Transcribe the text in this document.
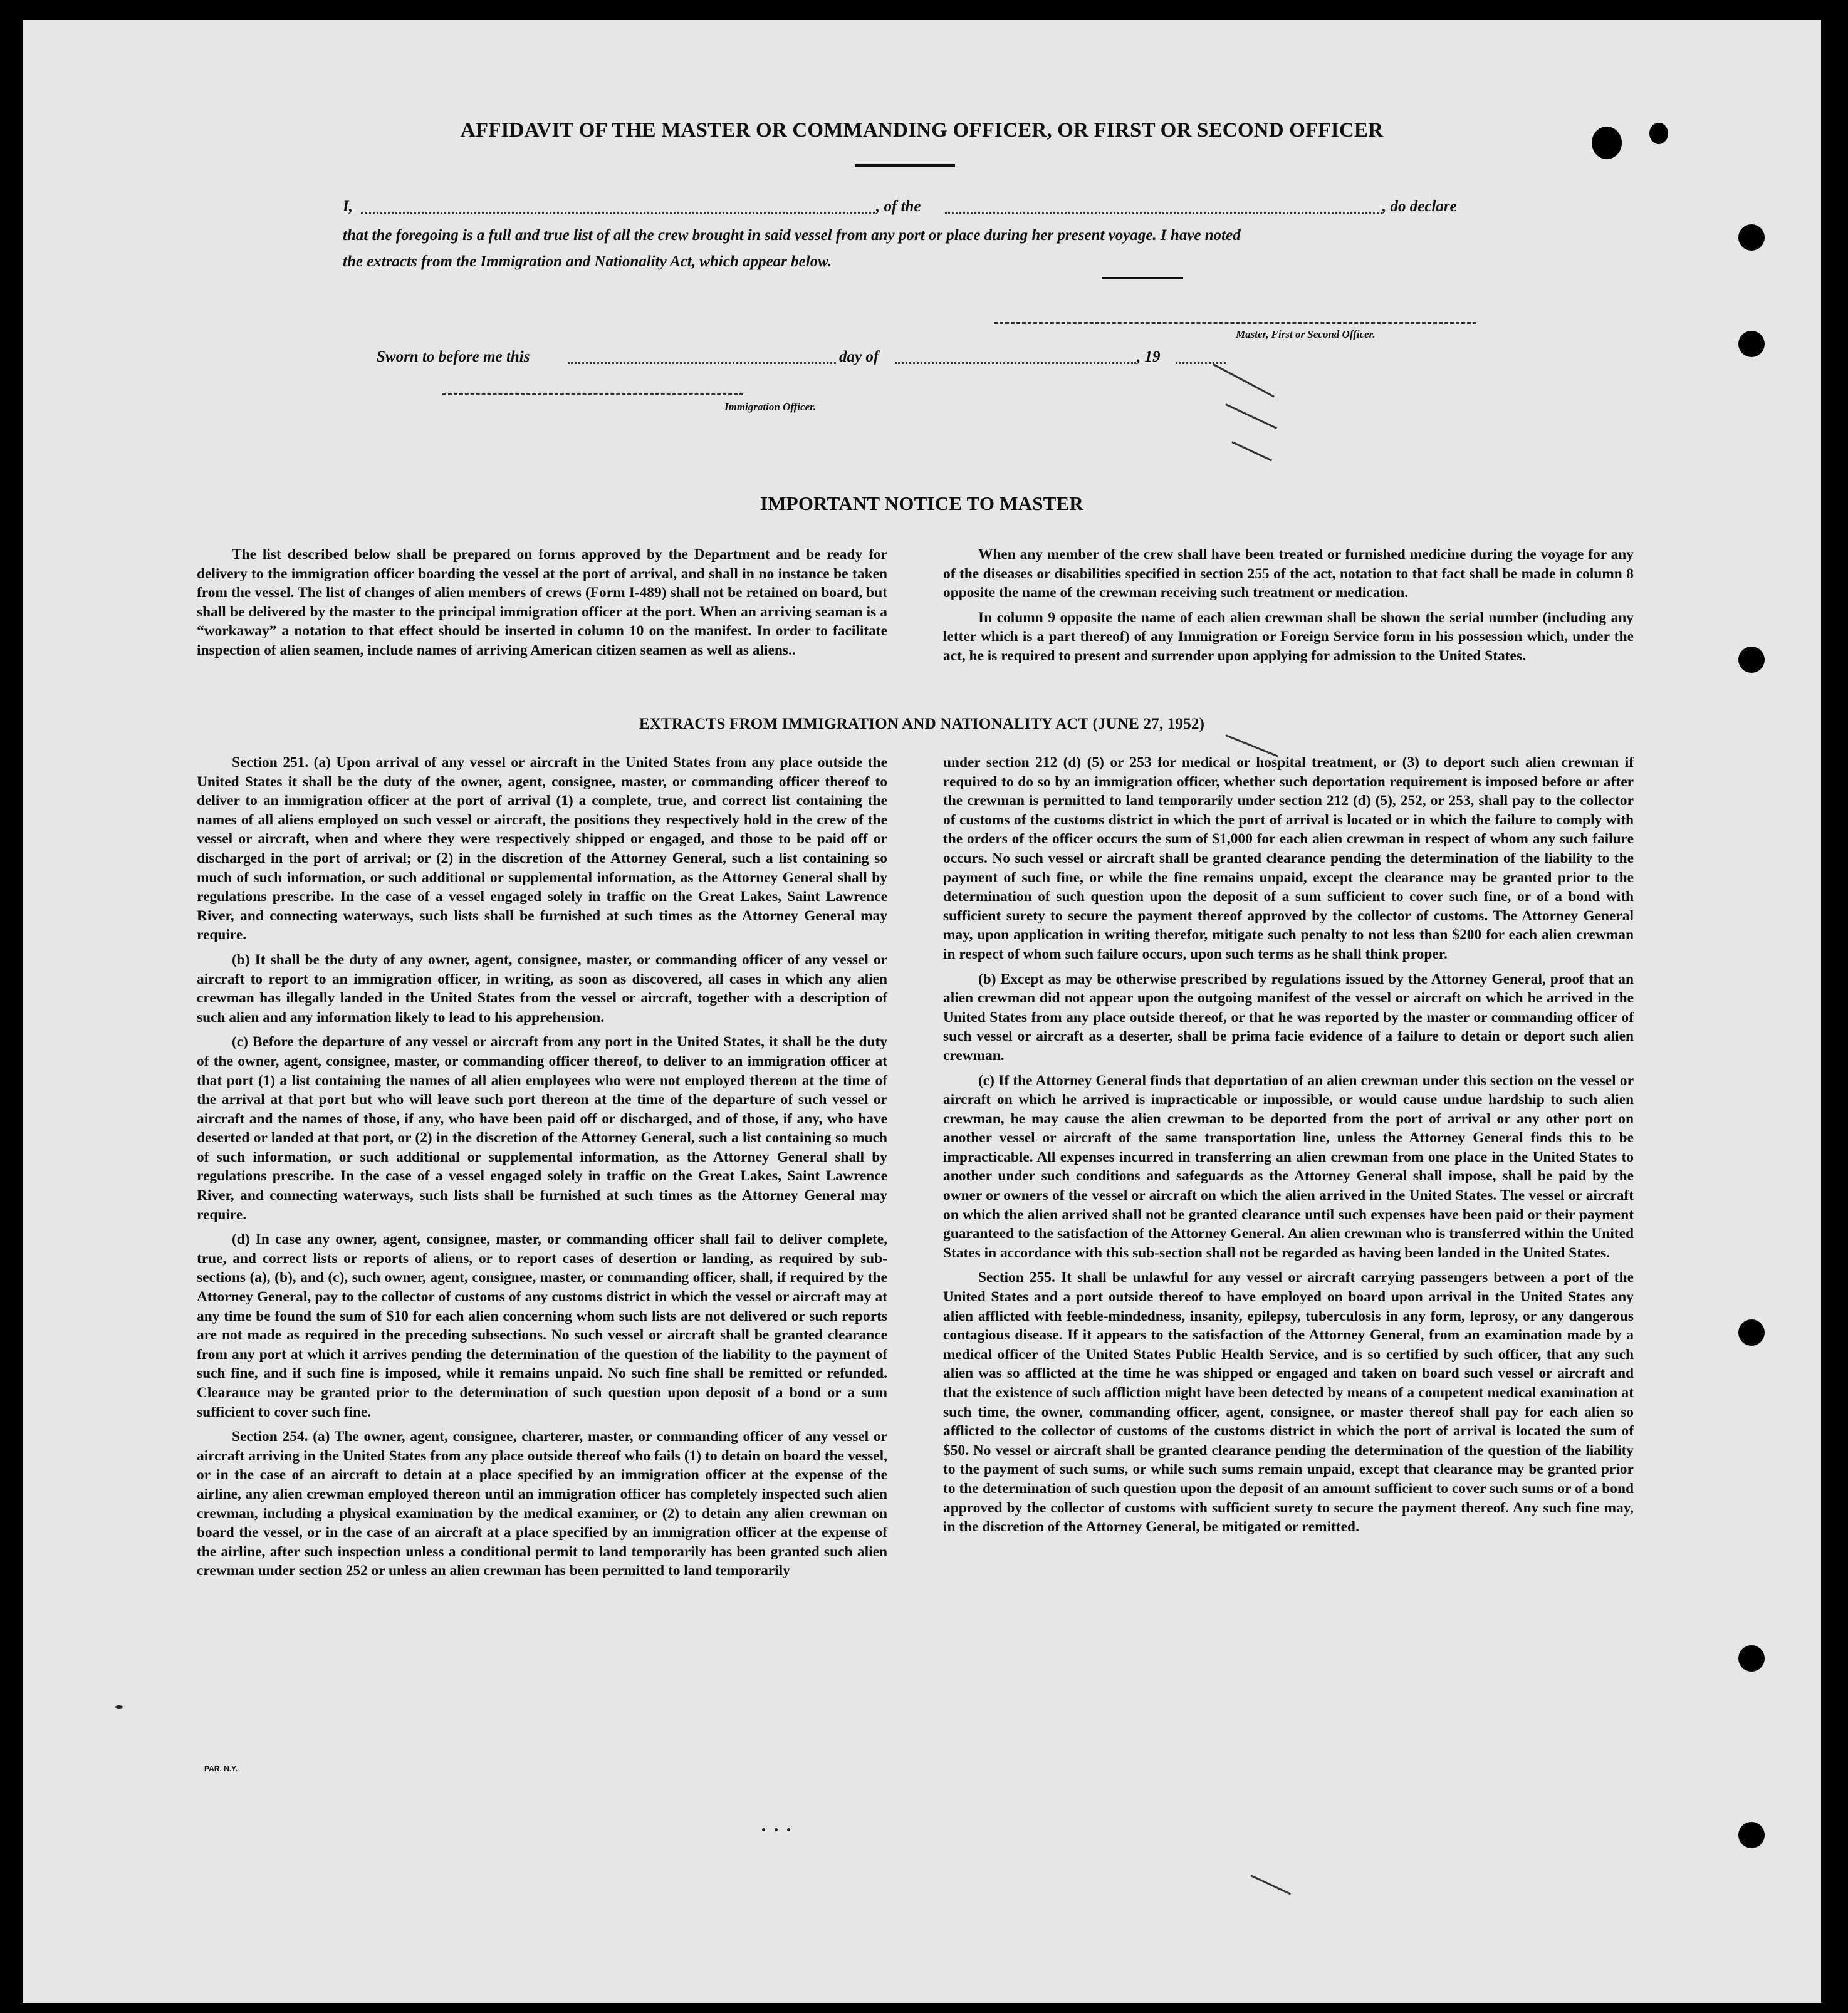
AFFIDAVIT OF THE MASTER OR COMMANDING OFFICER, OR FIRST OR SECOND OFFICER
I,	, of the	, do declare
that the foregoing is a full and true list of all the crew brought in said vessel from any port or place during her present voyage. I have noted
the extracts from the Immigration and Nationality Act, which appear below.
Master, First or Second Officer.
Sworn to before me this	day of	, 19
Immigration Officer.
IMPORTANT NOTICE TO MASTER

The list described below shall be prepared on forms approved by the Department and be ready for delivery to the immigration officer boarding the vessel at the port of arrival, and shall in no instance be taken from the vessel. The list of changes of alien members of crews (Form I-489) shall not be retained on board, but shall be delivered by the master to the principal immigration officer at the port. When an arriving seaman is a “workaway” a notation to that effect should be inserted in column 10 on the manifest. In order to facilitate inspection of alien seamen, include names of arriving American citizen seamen as well as aliens..

When any member of the crew shall have been treated or furnished medicine during the voyage for any of the diseases or disabilities specified in section 255 of the act, notation to that fact shall be made in column 8 opposite the name of the crewman receiving such treatment or medication.

In column 9 opposite the name of each alien crewman shall be shown the serial number (including any letter which is a part thereof) of any Immigration or Foreign Service form in his possession which, under the act, he is required to present and surrender upon applying for admission to the United States.

EXTRACTS FROM IMMIGRATION AND NATIONALITY ACT (JUNE 27, 1952)

Section 251. (a) Upon arrival of any vessel or aircraft in the United States from any place outside the United States it shall be the duty of the owner, agent, consignee, master, or commanding officer thereof to deliver to an immigration officer at the port of arrival (1) a complete, true, and correct list containing the names of all aliens employed on such vessel or aircraft, the positions they respectively hold in the crew of the vessel or aircraft, when and where they were respectively shipped or engaged, and those to be paid off or discharged in the port of arrival; or (2) in the discretion of the Attorney General, such a list containing so much of such information, or such additional or supplemental information, as the Attorney General shall by regulations prescribe. In the case of a vessel engaged solely in traffic on the Great Lakes, Saint Lawrence River, and connecting waterways, such lists shall be furnished at such times as the Attorney General may require.

(b) It shall be the duty of any owner, agent, consignee, master, or commanding officer of any vessel or aircraft to report to an immigration officer, in writing, as soon as discovered, all cases in which any alien crewman has illegally landed in the United States from the vessel or aircraft, together with a description of such alien and any information likely to lead to his apprehension.

(c) Before the departure of any vessel or aircraft from any port in the United States, it shall be the duty of the owner, agent, consignee, master, or commanding officer thereof, to deliver to an immigration officer at that port (1) a list containing the names of all alien employees who were not employed thereon at the time of the arrival at that port but who will leave such port thereon at the time of the departure of such vessel or aircraft and the names of those, if any, who have been paid off or discharged, and of those, if any, who have deserted or landed at that port, or (2) in the discretion of the Attorney General, such a list containing so much of such information, or such additional or supplemental information, as the Attorney General shall by regulations prescribe. In the case of a vessel engaged solely in traffic on the Great Lakes, Saint Lawrence River, and connecting waterways, such lists shall be furnished at such times as the Attorney General may require.

(d) In case any owner, agent, consignee, master, or commanding officer shall fail to deliver complete, true, and correct lists or reports of aliens, or to report cases of desertion or landing, as required by sub-sections (a), (b), and (c), such owner, agent, consignee, master, or commanding officer, shall, if required by the Attorney General, pay to the collector of customs of any customs district in which the vessel or aircraft may at any time be found the sum of $10 for each alien concerning whom such lists are not delivered or such reports are not made as required in the preceding subsections. No such vessel or aircraft shall be granted clearance from any port at which it arrives pending the determination of the question of the liability to the payment of such fine, and if such fine is imposed, while it remains unpaid. No such fine shall be remitted or refunded. Clearance may be granted prior to the determination of such question upon deposit of a bond or a sum sufficient to cover such fine.

Section 254. (a) The owner, agent, consignee, charterer, master, or commanding officer of any vessel or aircraft arriving in the United States from any place outside thereof who fails (1) to detain on board the vessel, or in the case of an aircraft to detain at a place specified by an immigration officer at the expense of the airline, any alien crewman employed thereon until an immigration officer has completely inspected such alien crewman, including a physical examination by the medical examiner, or (2) to detain any alien crewman on board the vessel, or in the case of an aircraft at a place specified by an immigration officer at the expense of the airline, after such inspection unless a conditional permit to land temporarily has been granted such alien crewman under section 252 or unless an alien crewman has been permitted to land temporarily

under section 212 (d) (5) or 253 for medical or hospital treatment, or (3) to deport such alien crewman if required to do so by an immigration officer, whether such deportation requirement is imposed before or after the crewman is permitted to land temporarily under section 212 (d) (5), 252, or 253, shall pay to the collector of customs of the customs district in which the port of arrival is located or in which the failure to comply with the orders of the officer occurs the sum of $1,000 for each alien crewman in respect of whom any such failure occurs. No such vessel or aircraft shall be granted clearance pending the determination of the liability to the payment of such fine, or while the fine remains unpaid, except the clearance may be granted prior to the determination of such question upon the deposit of a sum sufficient to cover such fine, or of a bond with sufficient surety to secure the payment thereof approved by the collector of customs. The Attorney General may, upon application in writing therefor, mitigate such penalty to not less than $200 for each alien crewman in respect of whom such failure occurs, upon such terms as he shall think proper.

(b) Except as may be otherwise prescribed by regulations issued by the Attorney General, proof that an alien crewman did not appear upon the outgoing manifest of the vessel or aircraft on which he arrived in the United States from any place outside thereof, or that he was reported by the master or commanding officer of such vessel or aircraft as a deserter, shall be prima facie evidence of a failure to detain or deport such alien crewman.

(c) If the Attorney General finds that deportation of an alien crewman under this section on the vessel or aircraft on which he arrived is impracticable or impossible, or would cause undue hardship to such alien crewman, he may cause the alien crewman to be deported from the port of arrival or any other port on another vessel or aircraft of the same transportation line, unless the Attorney General finds this to be impracticable. All expenses incurred in transferring an alien crewman from one place in the United States to another under such conditions and safeguards as the Attorney General shall impose, shall be paid by the owner or owners of the vessel or aircraft on which the alien arrived in the United States. The vessel or aircraft on which the alien arrived shall not be granted clearance until such expenses have been paid or their payment guaranteed to the satisfaction of the Attorney General. An alien crewman who is transferred within the United States in accordance with this sub-section shall not be regarded as having been landed in the United States.

Section 255. It shall be unlawful for any vessel or aircraft carrying passengers between a port of the United States and a port outside thereof to have employed on board upon arrival in the United States any alien afflicted with feeble-mindedness, insanity, epilepsy, tuberculosis in any form, leprosy, or any dangerous contagious disease. If it appears to the satisfaction of the Attorney General, from an examination made by a medical officer of the United States Public Health Service, and is so certified by such officer, that any such alien was so afflicted at the time he was shipped or engaged and taken on board such vessel or aircraft and that the existence of such affliction might have been detected by means of a competent medical examination at such time, the owner, commanding officer, agent, consignee, or master thereof shall pay for each alien so afflicted to the collector of customs of the customs district in which the port of arrival is located the sum of $50. No vessel or aircraft shall be granted clearance pending the determination of the question of the liability to the payment of such sums, or while such sums remain unpaid, except that clearance may be granted prior to the determination of such question upon the deposit of an amount sufficient to cover such sums or of a bond approved by the collector of customs with sufficient surety to secure the payment thereof. Any such fine may, in the discretion of the Attorney General, be mitigated or remitted.

PAR. N.Y.
